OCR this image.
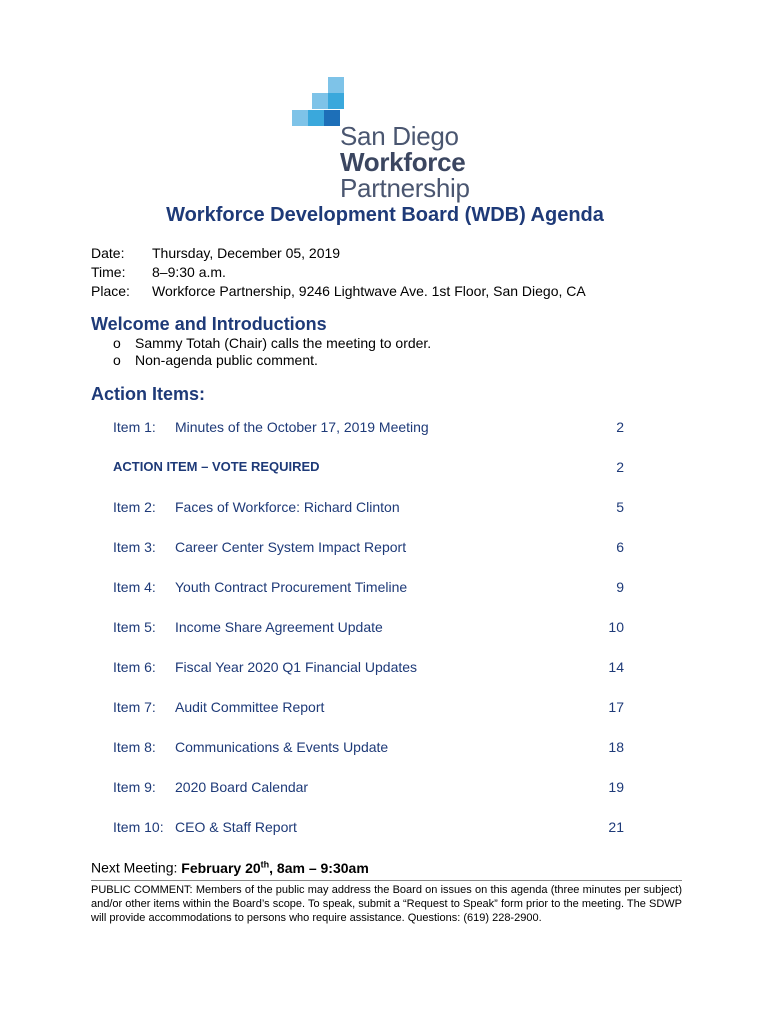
San Diego
Workforce
Partnership
Workforce Development Board (WDB) Agenda
Date:	Thursday, December 05, 2019
Time:	8–9:30 a.m.
Place:	Workforce Partnership, 9246 Lightwave Ave. 1st Floor, San Diego, CA
Welcome and Introductions
o	Sammy Totah (Chair) calls the meeting to order.
o	Non-agenda public comment.
Action Items:
Item 1:	Minutes of the October 17, 2019 Meeting	2
ACTION ITEM – VOTE REQUIRED	2
Item 2:	Faces of Workforce: Richard Clinton	5
Item 3:	Career Center System Impact Report	6
Item 4:	Youth Contract Procurement Timeline	9
Item 5:	Income Share Agreement Update	10
Item 6:	Fiscal Year 2020 Q1 Financial Updates	14
Item 7:	Audit Committee Report	17
Item 8:	Communications & Events Update	18
Item 9:	2020 Board Calendar	19
Item 10: CEO & Staff Report	21
Next Meeting: February 20th, 8am – 9:30am
PUBLIC COMMENT: Members of the public may address the Board on issues on this agenda (three minutes per subject) and/or other items within the Board’s scope. To speak, submit a “Request to Speak” form prior to the meeting. The SDWP will provide accommodations to persons who require assistance. Questions: (619) 228-2900.
